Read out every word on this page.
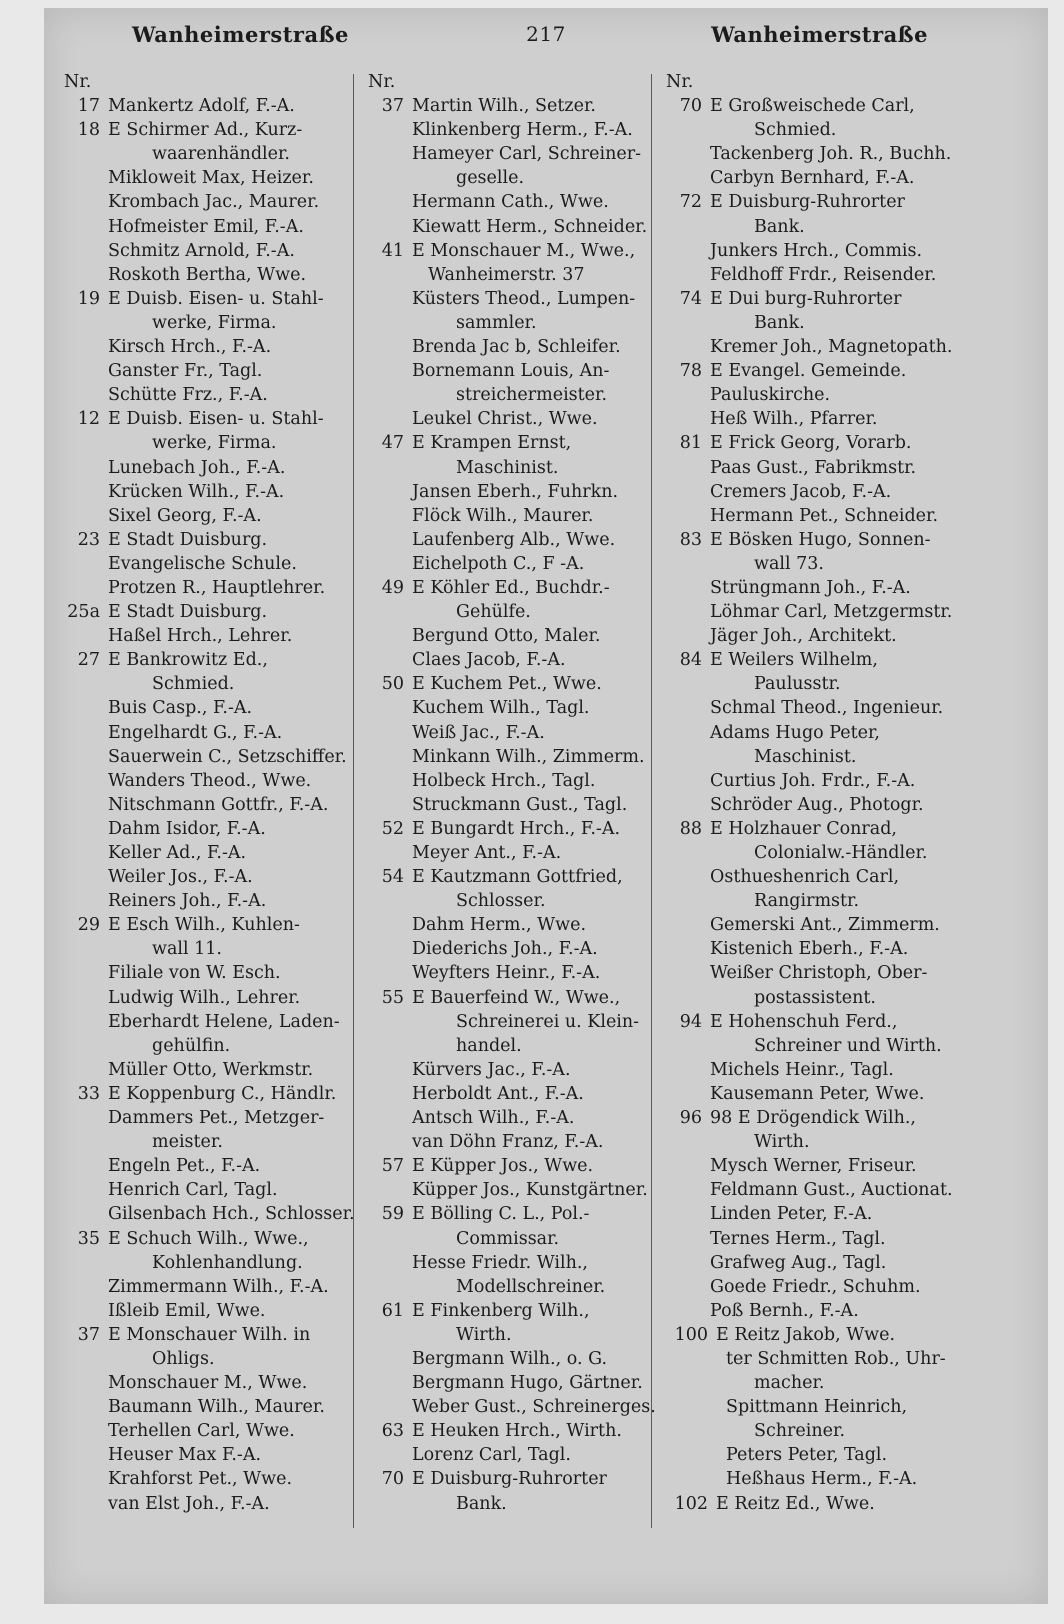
Wanheimerstraße	217	Wanheimerstraße
Nr.
17 Mankertz Adolf, F.-A.
18 E Schirmer Ad., Kurz-
waarenhändler.
Mikloweit Max, Heizer.
Krombach Jac., Maurer.
Hofmeister Emil, F.-A.
Schmitz Arnold, F.-A.
Roskoth Bertha, Wwe.
19 E Duisb. Eisen- u. Stahl-
werke, Firma.
Kirsch Hrch., F.-A.
Ganster Fr., Tagl.
Schütte Frz., F.-A.
12 E Duisb. Eisen- u. Stahl-
werke, Firma.
Lunebach Joh., F.-A.
Krücken Wilh., F.-A.
Sixel Georg, F.-A.
23 E Stadt Duisburg.
Evangelische Schule.
Protzen R., Hauptlehrer.
25a E Stadt Duisburg.
Haßel Hrch., Lehrer.
27 E Bankrowitz Ed.,
Schmied.
Buis Casp., F.-A.
Engelhardt G., F.-A.
Sauerwein C., Setzschiffer.
Wanders Theod., Wwe.
Nitschmann Gottfr., F.-A.
Dahm Isidor, F.-A.
Keller Ad., F.-A.
Weiler Jos., F.-A.
Reiners Joh., F.-A.
29 E Esch Wilh., Kuhlen-
wall 11.
Filiale von W. Esch.
Ludwig Wilh., Lehrer.
Eberhardt Helene, Laden-
gehülfin.
Müller Otto, Werkmstr.
33 E Koppenburg C., Händlr.
Dammers Pet., Metzger-
meister.
Engeln Pet., F.-A.
Henrich Carl, Tagl.
Gilsenbach Hch., Schlosser.
35 E Schuch Wilh., Wwe.,
Kohlenhandlung.
Zimmermann Wilh., F.-A.
Ißleib Emil, Wwe.
37 E Monschauer Wilh. in
Ohligs.
Monschauer M., Wwe.
Baumann Wilh., Maurer.
Terhellen Carl, Wwe.
Heuser Max F.-A.
Krahforst Pet., Wwe.
van Elst Joh., F.-A.
Nr.
37 Martin Wilh., Setzer.
Klinkenberg Herm., F.-A.
Hameyer Carl, Schreiner-
geselle.
Hermann Cath., Wwe.
Kiewatt Herm., Schneider.
41 E Monschauer M., Wwe.,
Wanheimerstr. 37
Küsters Theod., Lumpen-
sammler.
Brenda Jac b, Schleifer.
Bornemann Louis, An-
streichermeister.
Leukel Christ., Wwe.
47 E Krampen Ernst,
Maschinist.
Jansen Eberh., Fuhrkn.
Flöck Wilh., Maurer.
Laufenberg Alb., Wwe.
Eichelpoth C., F -A.
49 E Köhler Ed., Buchdr.-
Gehülfe.
Bergund Otto, Maler.
Claes Jacob, F.-A.
50 E Kuchem Pet., Wwe.
Kuchem Wilh., Tagl.
Weiß Jac., F.-A.
Minkann Wilh., Zimmerm.
Holbeck Hrch., Tagl.
Struckmann Gust., Tagl.
52 E Bungardt Hrch., F.-A.
Meyer Ant., F.-A.
54 E Kautzmann Gottfried,
Schlosser.
Dahm Herm., Wwe.
Diederichs Joh., F.-A.
Weyfters Heinr., F.-A.
55 E Bauerfeind W., Wwe.,
Schreinerei u. Klein-
handel.
Kürvers Jac., F.-A.
Herboldt Ant., F.-A.
Antsch Wilh., F.-A.
van Döhn Franz, F.-A.
57 E Küpper Jos., Wwe.
Küpper Jos., Kunstgärtner.
59 E Bölling C. L., Pol.-
Commissar.
Hesse Friedr. Wilh.,
Modellschreiner.
61 E Finkenberg Wilh.,
Wirth.
Bergmann Wilh., o. G.
Bergmann Hugo, Gärtner.
Weber Gust., Schreinerges.
63 E Heuken Hrch., Wirth.
Lorenz Carl, Tagl.
70 E Duisburg-Ruhrorter
Bank.
Nr.
70 E Großweischede Carl,
Schmied.
Tackenberg Joh. R., Buchh.
Carbyn Bernhard, F.-A.
72 E Duisburg-Ruhrorter
Bank.
Junkers Hrch., Commis.
Feldhoff Frdr., Reisender.
74 E Dui burg-Ruhrorter
Bank.
Kremer Joh., Magnetopath.
78 E Evangel. Gemeinde.
Pauluskirche.
Heß Wilh., Pfarrer.
81 E Frick Georg, Vorarb.
Paas Gust., Fabrikmstr.
Cremers Jacob, F.-A.
Hermann Pet., Schneider.
83 E Bösken Hugo, Sonnen-
wall 73.
Strüngmann Joh., F.-A.
Löhmar Carl, Metzgermstr.
Jäger Joh., Architekt.
84 E Weilers Wilhelm,
Paulusstr.
Schmal Theod., Ingenieur.
Adams Hugo Peter,
Maschinist.
Curtius Joh. Frdr., F.-A.
Schröder Aug., Photogr.
88 E Holzhauer Conrad,
Colonialw.-Händler.
Osthueshenrich Carl,
Rangirmstr.
Gemerski Ant., Zimmerm.
Kistenich Eberh., F.-A.
Weißer Christoph, Ober-
postassistent.
94 E Hohenschuh Ferd.,
Schreiner und Wirth.
Michels Heinr., Tagl.
Kausemann Peter, Wwe.
96 98 E Drögendick Wilh.,
Wirth.
Mysch Werner, Friseur.
Feldmann Gust., Auctionat.
Linden Peter, F.-A.
Ternes Herm., Tagl.
Grafweg Aug., Tagl.
Goede Friedr., Schuhm.
Poß Bernh., F.-A.
100 E Reitz Jakob, Wwe.
ter Schmitten Rob., Uhr-
macher.
Spittmann Heinrich,
Schreiner.
Peters Peter, Tagl.
Heßhaus Herm., F.-A.
102 E Reitz Ed., Wwe.
